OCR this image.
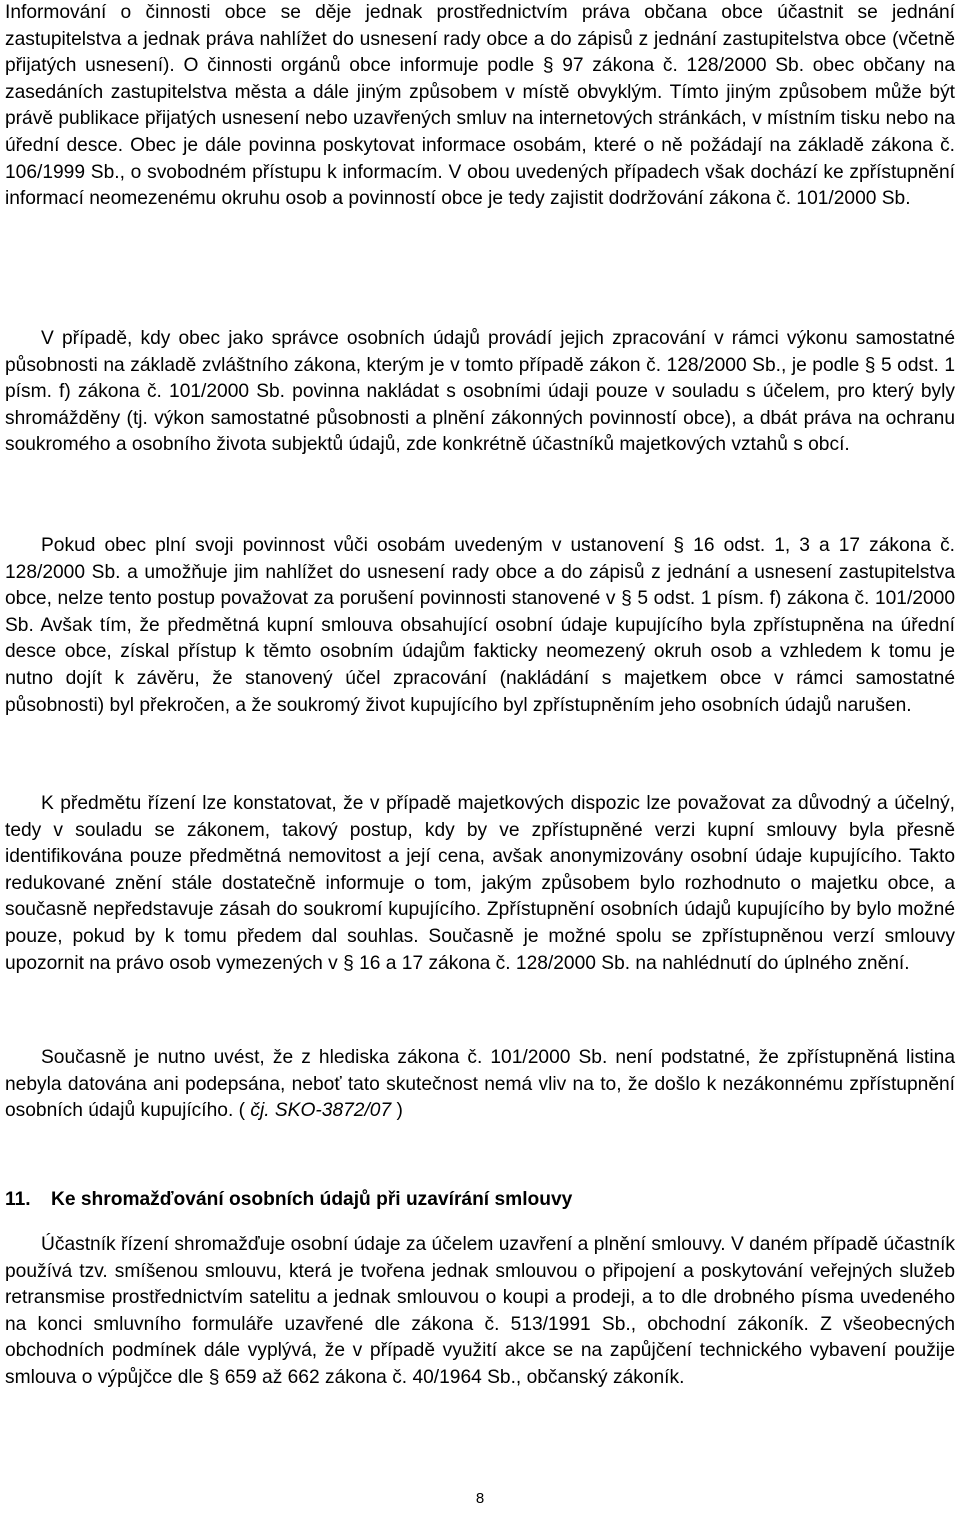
Informování o činnosti obce se děje jednak prostřednictvím práva občana obce účastnit se jednání zastupitelstva a jednak práva nahlížet do usnesení rady obce a do zápisů z jednání zastupitelstva obce (včetně přijatých usnesení). O činnosti orgánů obce informuje podle § 97 zákona č. 128/2000 Sb. obec občany na zasedáních zastupitelstva města a dále jiným způsobem v místě obvyklým. Tímto jiným způsobem může být právě publikace přijatých usnesení nebo uzavřených smluv na internetových stránkách, v místním tisku nebo na úřední desce. Obec je dále povinna poskytovat informace osobám, které o ně požádají na základě zákona č. 106/1999 Sb., o svobodném přístupu k informacím. V obou uvedených případech však dochází ke zpřístupnění informací neomezenému okruhu osob a povinností obce je tedy zajistit dodržování zákona č. 101/2000 Sb.

V případě, kdy obec jako správce osobních údajů provádí jejich zpracování v rámci výkonu samostatné působnosti na základě zvláštního zákona, kterým je v tomto případě zákon č. 128/2000 Sb., je podle § 5 odst. 1 písm. f) zákona č. 101/2000 Sb. povinna nakládat s osobními údaji pouze v souladu s účelem, pro který byly shromážděny (tj. výkon samostatné působnosti a plnění zákonných povinností obce), a dbát práva na ochranu soukromého a osobního života subjektů údajů, zde konkrétně účastníků majetkových vztahů s obcí.

Pokud obec plní svoji povinnost vůči osobám uvedeným v ustanovení § 16 odst. 1, 3 a 17 zákona č. 128/2000 Sb. a umožňuje jim nahlížet do usnesení rady obce a do zápisů z jednání a usnesení zastupitelstva obce, nelze tento postup považovat za porušení povinnosti stanovené v § 5 odst. 1 písm. f) zákona č. 101/2000 Sb. Avšak tím, že předmětná kupní smlouva obsahující osobní údaje kupujícího byla zpřístupněna na úřední desce obce, získal přístup k těmto osobním údajům fakticky neomezený okruh osob a vzhledem k tomu je nutno dojít k závěru, že stanovený účel zpracování (nakládání s majetkem obce v rámci samostatné působnosti) byl překročen, a že soukromý život kupujícího byl zpřístupněním jeho osobních údajů narušen.

K předmětu řízení lze konstatovat, že v případě majetkových dispozic lze považovat za důvodný a účelný, tedy v souladu se zákonem, takový postup, kdy by ve zpřístupněné verzi kupní smlouvy byla přesně identifikována pouze předmětná nemovitost a její cena, avšak anonymizovány osobní údaje kupujícího. Takto redukované znění stále dostatečně informuje o tom, jakým způsobem bylo rozhodnuto o majetku obce, a současně nepředstavuje zásah do soukromí kupujícího. Zpřístupnění osobních údajů kupujícího by bylo možné pouze, pokud by k tomu předem dal souhlas. Současně je možné spolu se zpřístupněnou verzí smlouvy upozornit na právo osob vymezených v § 16 a 17 zákona č. 128/2000 Sb. na nahlédnutí do úplného znění.

Současně je nutno uvést, že z hlediska zákona č. 101/2000 Sb. není podstatné, že zpřístupněná listina nebyla datována ani podepsána, neboť tato skutečnost nemá vliv na to, že došlo k nezákonnému zpřístupnění osobních údajů kupujícího. ( čj. SKO-3872/07 )

11. Ke shromažďování osobních údajů při uzavírání smlouvy

Účastník řízení shromažďuje osobní údaje za účelem uzavření a plnění smlouvy. V daném případě účastník používá tzv. smíšenou smlouvu, která je tvořena jednak smlouvou o připojení a poskytování veřejných služeb retransmise prostřednictvím satelitu a jednak smlouvou o koupi a prodeji, a to dle drobného písma uvedeného na konci smluvního formuláře uzavřené dle zákona č. 513/1991 Sb., obchodní zákoník. Z všeobecných obchodních podmínek dále vyplývá, že v případě využití akce se na zapůjčení technického vybavení použije smlouva o výpůjčce dle § 659 až 662 zákona č. 40/1964 Sb., občanský zákoník.

8
